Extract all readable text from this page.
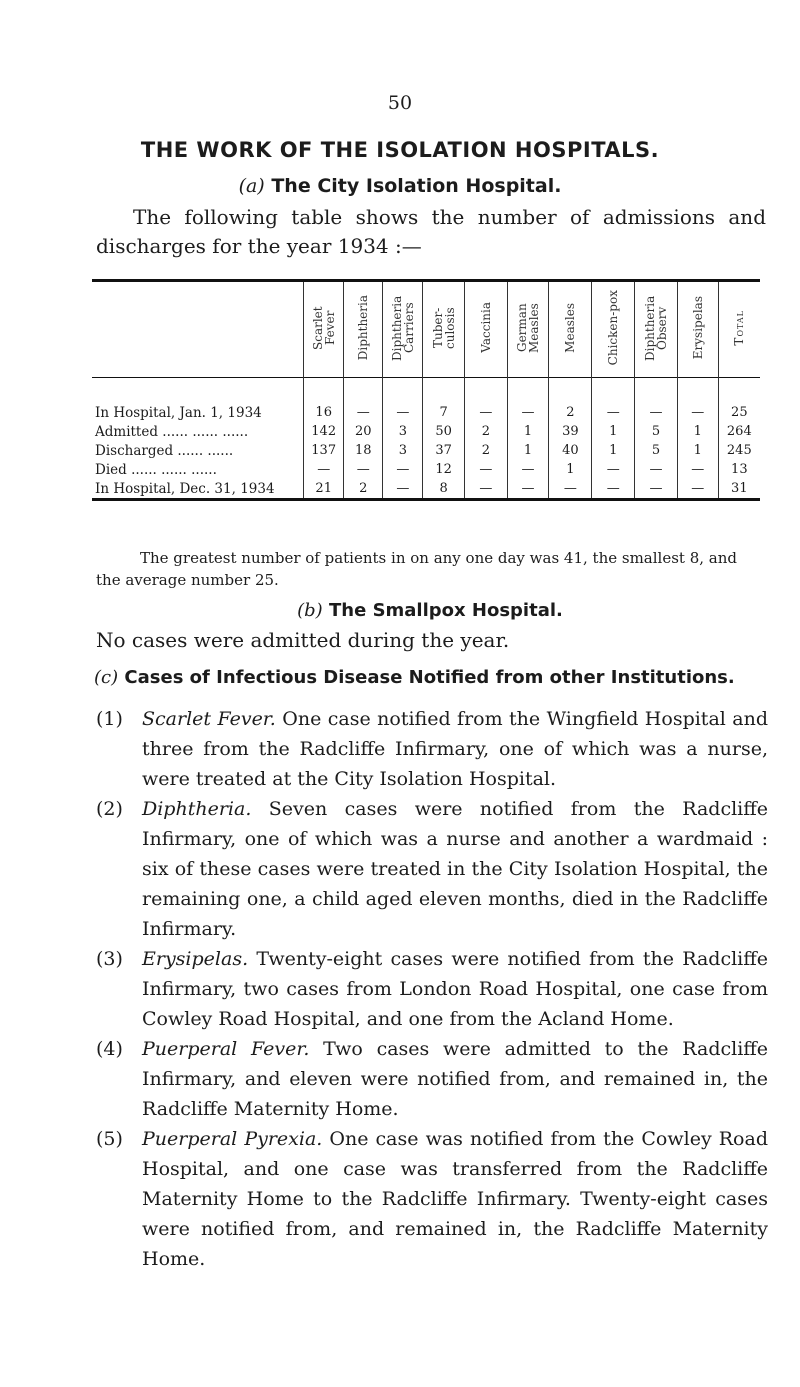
50
THE WORK OF THE ISOLATION HOSPITALS.
(a) The City Isolation Hospital.
The following table shows the number of admissions and discharges for the year 1934 :—
	Scarlet Fever	Diphtheria	Diphtheria Carriers	Tuber-culosis	Vaccinia	German Measles	Measles	Chicken-pox	Diphtheria Observ	Erysipelas	Total
In Hospital, Jan. 1, 1934	16	—	—	7	—	—	2	—	—	—	25
Admitted ...... ...... ......	142	20	3	50	2	1	39	1	5	1	264
Discharged ...... ......	137	18	3	37	2	1	40	1	5	1	245
Died ...... ...... ......	—	—	—	12	—	—	1	—	—	—	13
In Hospital, Dec. 31, 1934	21	2	—	8	—	—	—	—	—	—	31
The greatest number of patients in on any one day was 41, the smallest 8, and the average number 25.
(b) The Smallpox Hospital.
No cases were admitted during the year.
(c) Cases of Infectious Disease Notified from other Institutions.
(1)	Scarlet Fever. One case notified from the Wingfield Hospital and three from the Radcliffe Infirmary, one of which was a nurse, were treated at the City Isolation Hospital.
(2)	Diphtheria. Seven cases were notified from the Radcliffe Infirmary, one of which was a nurse and another a wardmaid : six of these cases were treated in the City Isolation Hospital, the remaining one, a child aged eleven months, died in the Radcliffe Infirmary.
(3)	Erysipelas. Twenty-eight cases were notified from the Radcliffe Infirmary, two cases from London Road Hospital, one case from Cowley Road Hospital, and one from the Acland Home.
(4)	Puerperal Fever. Two cases were admitted to the Radcliffe Infirmary, and eleven were notified from, and remained in, the Radcliffe Maternity Home.
(5)	Puerperal Pyrexia. One case was notified from the Cowley Road Hospital, and one case was transferred from the Radcliffe Maternity Home to the Radcliffe Infirmary. Twenty-eight cases were notified from, and remained in, the Radcliffe Maternity Home.
